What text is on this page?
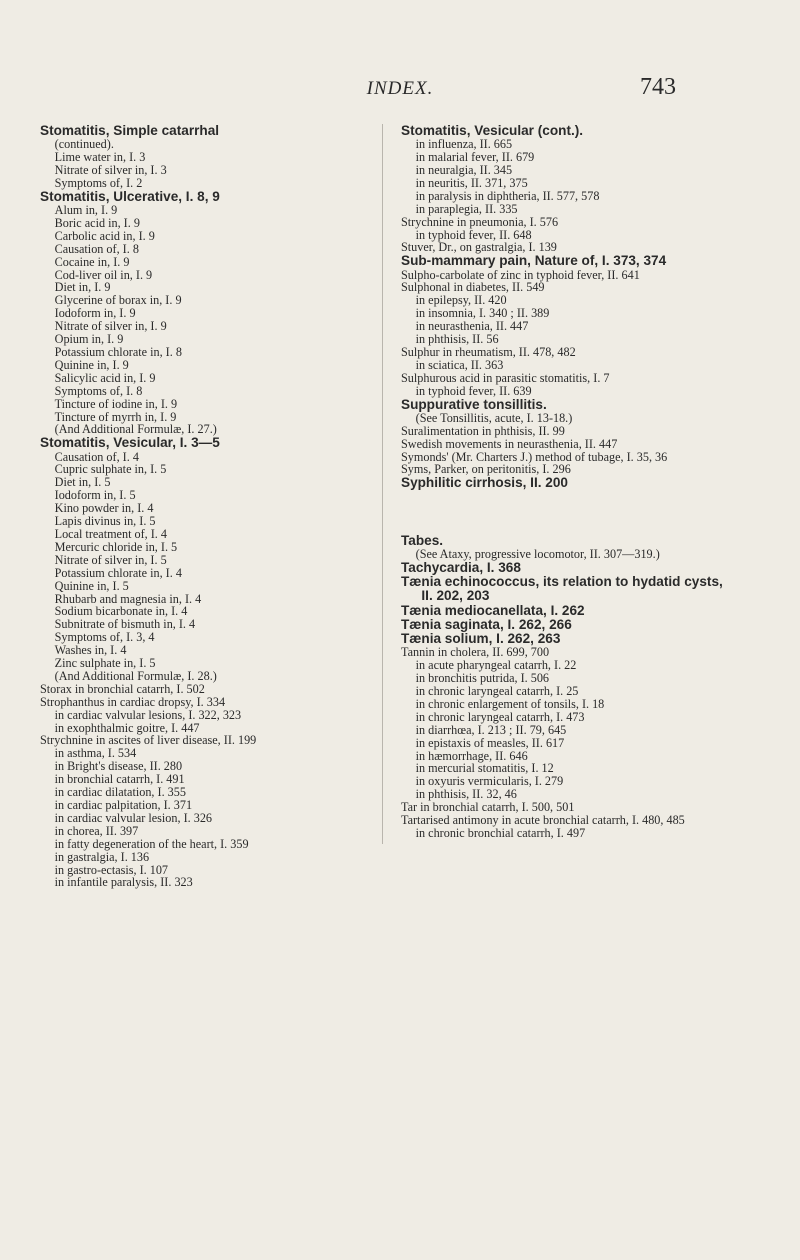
INDEX.	743

Stomatitis, Simple catarrhal

(continued).

Lime water in, I. 3

Nitrate of silver in, I. 3

Symptoms of, I. 2

Stomatitis, Ulcerative, I. 8, 9

Alum in, I. 9

Boric acid in, I. 9

Carbolic acid in, I. 9

Causation of, I. 8

Cocaine in, I. 9

Cod-liver oil in, I. 9

Diet in, I. 9

Glycerine of borax in, I. 9

Iodoform in, I. 9

Nitrate of silver in, I. 9

Opium in, I. 9

Potassium chlorate in, I. 8

Quinine in, I. 9

Salicylic acid in, I. 9

Symptoms of, I. 8

Tincture of iodine in, I. 9

Tincture of myrrh in, I. 9

(And Additional Formulæ, I. 27.)

Stomatitis, Vesicular, I. 3—5

Causation of, I. 4

Cupric sulphate in, I. 5

Diet in, I. 5

Iodoform in, I. 5

Kino powder in, I. 4

Lapis divinus in, I. 5

Local treatment of, I. 4

Mercuric chloride in, I. 5

Nitrate of silver in, I. 5

Potassium chlorate in, I. 4

Quinine in, I. 5

Rhubarb and magnesia in, I. 4

Sodium bicarbonate in, I. 4

Subnitrate of bismuth in, I. 4

Symptoms of, I. 3, 4

Washes in, I. 4

Zinc sulphate in, I. 5

(And Additional Formulæ, I. 28.)

Storax in bronchial catarrh, I. 502

Strophanthus in cardiac dropsy, I. 334

in cardiac valvular lesions, I. 322, 323

in exophthalmic goitre, I. 447

Strychnine in ascites of liver disease, II. 199

in asthma, I. 534

in Bright's disease, II. 280

in bronchial catarrh, I. 491

in cardiac dilatation, I. 355

in cardiac palpitation, I. 371

in cardiac valvular lesion, I. 326

in chorea, II. 397

in fatty degeneration of the heart, I. 359

in gastralgia, I. 136

in gastro-ectasis, I. 107

in infantile paralysis, II. 323

Stomatitis, Vesicular (cont.).

in influenza, II. 665

in malarial fever, II. 679

in neuralgia, II. 345

in neuritis, II. 371, 375

in paralysis in diphtheria, II. 577, 578

in paraplegia, II. 335

Strychnine in pneumonia, I. 576

in typhoid fever, II. 648

Stuver, Dr., on gastralgia, I. 139

Sub-mammary pain, Nature of, I. 373, 374

Sulpho-carbolate of zinc in typhoid fever, II. 641

Sulphonal in diabetes, II. 549

in epilepsy, II. 420

in insomnia, I. 340 ; II. 389

in neurasthenia, II. 447

in phthisis, II. 56

Sulphur in rheumatism, II. 478, 482

in sciatica, II. 363

Sulphurous acid in parasitic stomatitis, I. 7

in typhoid fever, II. 639

Suppurative tonsillitis.

(See Tonsillitis, acute, I. 13-18.)

Suralimentation in phthisis, II. 99

Swedish movements in neurasthenia, II. 447

Symonds' (Mr. Charters J.) method of tubage, I. 35, 36

Syms, Parker, on peritonitis, I. 296

Syphilitic cirrhosis, II. 200

Tabes.

(See Ataxy, progressive locomotor, II. 307—319.)

Tachycardia, I. 368

Tænia echinococcus, its relation to hydatid cysts, II. 202, 203

Tænia mediocanellata, I. 262

Tænia saginata, I. 262, 266

Tænia solium, I. 262, 263

Tannin in cholera, II. 699, 700

in acute pharyngeal catarrh, I. 22

in bronchitis putrida, I. 506

in chronic laryngeal catarrh, I. 25

in chronic enlargement of tonsils, I. 18

in chronic laryngeal catarrh, I. 473

in diarrhœa, I. 213 ; II. 79, 645

in epistaxis of measles, II. 617

in hæmorrhage, II. 646

in mercurial stomatitis, I. 12

in oxyuris vermicularis, I. 279

in phthisis, II. 32, 46

Tar in bronchial catarrh, I. 500, 501

Tartarised antimony in acute bronchial catarrh, I. 480, 485

in chronic bronchial catarrh, I. 497
